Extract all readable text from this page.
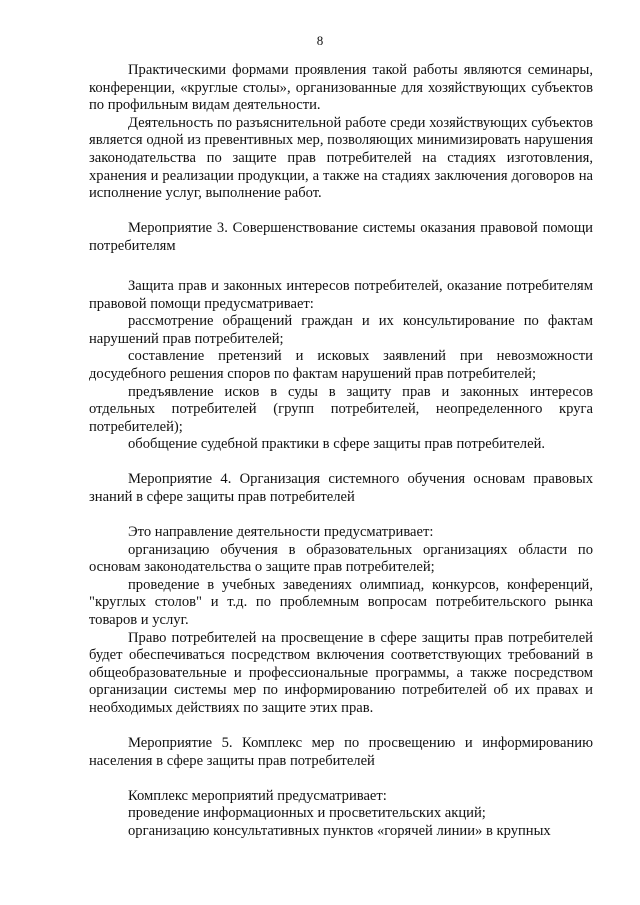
8

Практическими формами проявления такой работы являются семинары, конференции, «круглые столы», организованные для хозяйствующих субъектов по профильным видам деятельности.

Деятельность по разъяснительной работе среди хозяйствующих субъектов является одной из превентивных мер, позволяющих минимизировать нарушения законодательства по защите прав потребителей на стадиях изготовления, хранения и реализации продукции, а также на стадиях заключения договоров на исполнение услуг, выполнение работ.

Мероприятие 3. Совершенствование системы оказания правовой помощи потребителям

Защита прав и законных интересов потребителей, оказание потребителям правовой помощи предусматривает:

рассмотрение обращений граждан и их консультирование по фактам нарушений прав потребителей;

составление претензий и исковых заявлений при невозможности досудебного решения споров по фактам нарушений прав потребителей;

предъявление исков в суды в защиту прав и законных интересов отдельных потребителей (групп потребителей, неопределенного круга потребителей);

обобщение судебной практики в сфере защиты прав потребителей.

Мероприятие 4. Организация системного обучения основам правовых знаний в сфере защиты прав потребителей

Это направление деятельности предусматривает:

организацию обучения в образовательных организациях области по основам законодательства о защите прав потребителей;

проведение в учебных заведениях олимпиад, конкурсов, конференций, "круглых столов" и т.д. по проблемным вопросам потребительского рынка товаров и услуг.

Право потребителей на просвещение в сфере защиты прав потребителей будет обеспечиваться посредством включения соответствующих требований в общеобразовательные и профессиональные программы, а также посредством организации системы мер по информированию потребителей об их правах и необходимых действиях по защите этих прав.

Мероприятие 5. Комплекс мер по просвещению и информированию населения в сфере защиты прав потребителей

Комплекс мероприятий предусматривает:

проведение информационных и просветительских акций;

организацию консультативных пунктов «горячей линии» в крупных
